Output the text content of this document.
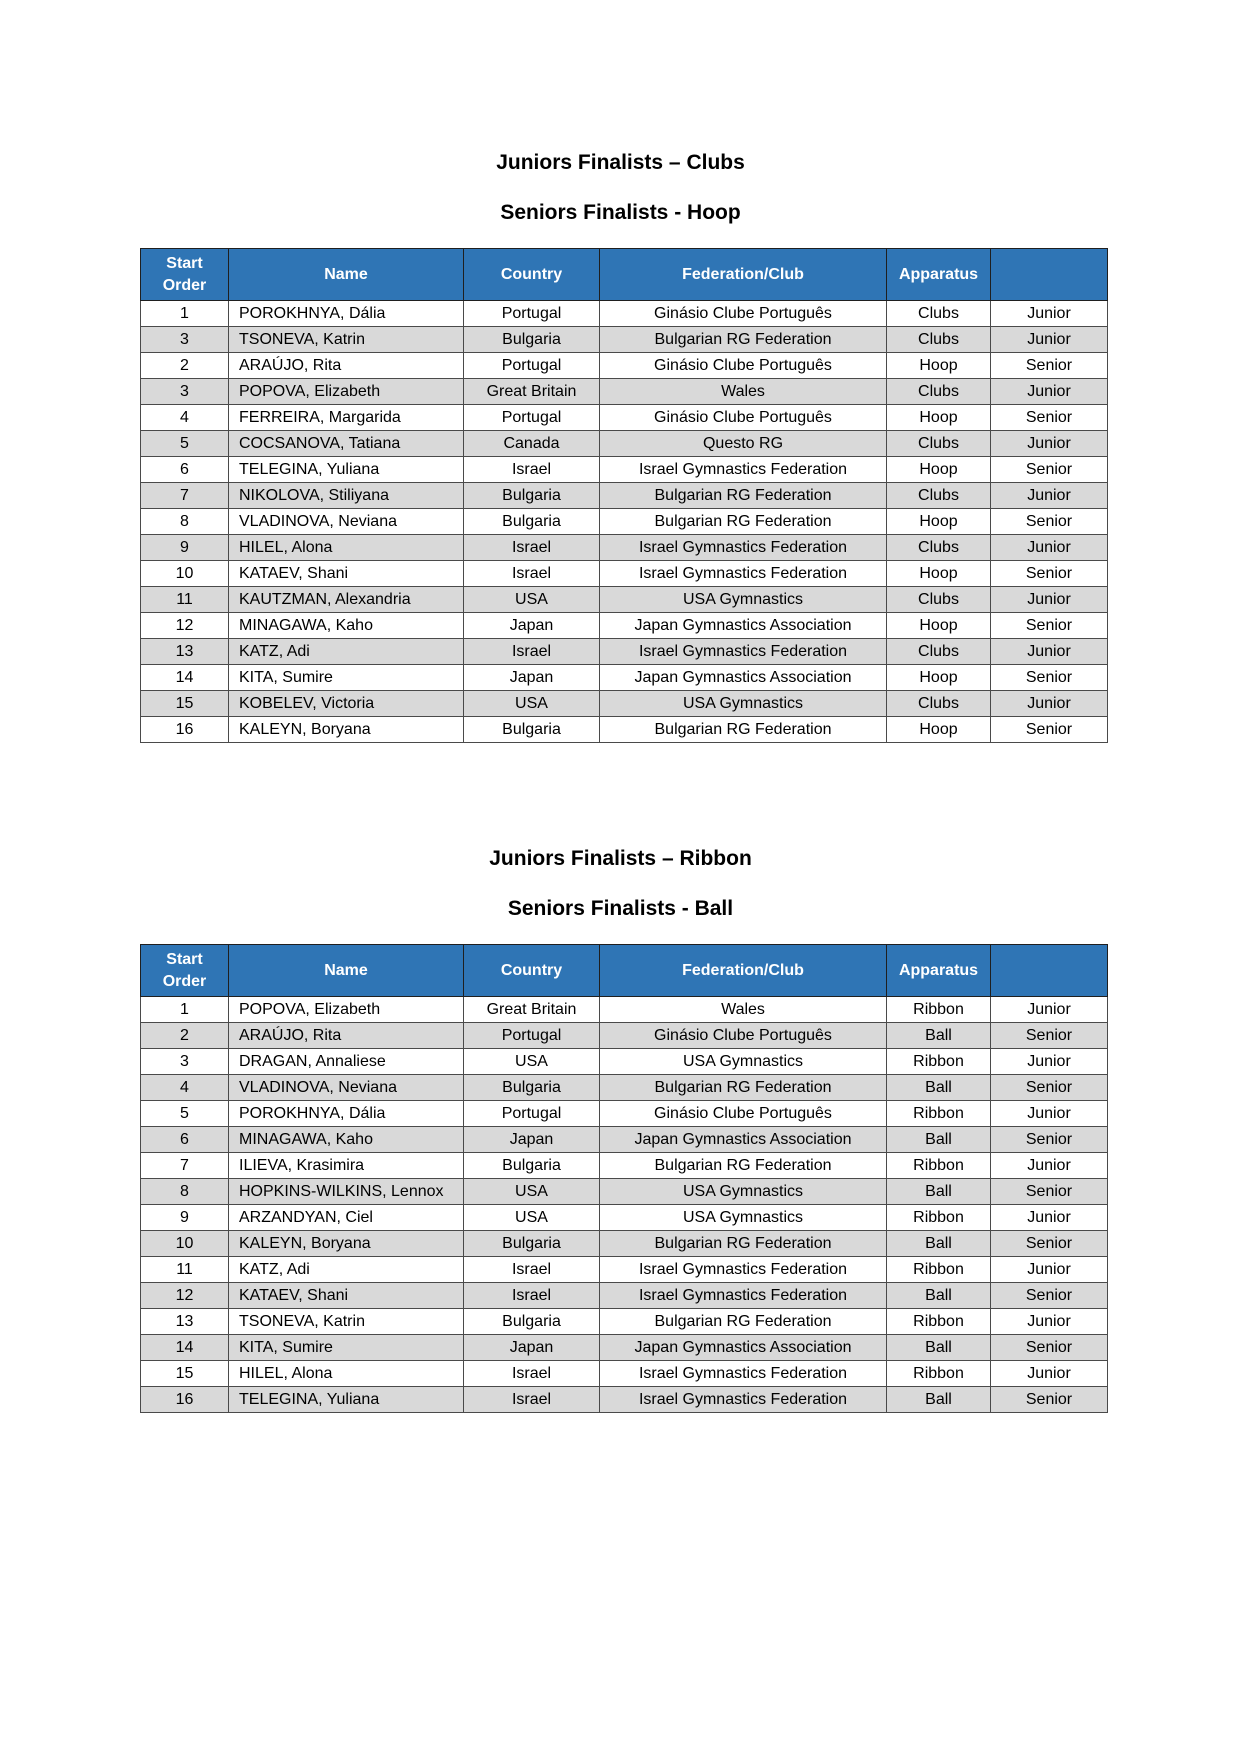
Juniors Finalists – Clubs
Seniors Finalists - Hoop
Start
Order	Name	Country	Federation/Club	Apparatus	
1	POROKHNYA, Dália	Portugal	Ginásio Clube Português	Clubs	Junior
3	TSONEVA, Katrin	Bulgaria	Bulgarian RG Federation	Clubs	Junior
2	ARAÚJO, Rita	Portugal	Ginásio Clube Português	Hoop	Senior
3	POPOVA, Elizabeth	Great Britain	Wales	Clubs	Junior
4	FERREIRA, Margarida	Portugal	Ginásio Clube Português	Hoop	Senior
5	COCSANOVA, Tatiana	Canada	Questo RG	Clubs	Junior
6	TELEGINA, Yuliana	Israel	Israel Gymnastics Federation	Hoop	Senior
7	NIKOLOVA, Stiliyana	Bulgaria	Bulgarian RG Federation	Clubs	Junior
8	VLADINOVA, Neviana	Bulgaria	Bulgarian RG Federation	Hoop	Senior
9	HILEL, Alona	Israel	Israel Gymnastics Federation	Clubs	Junior
10	KATAEV, Shani	Israel	Israel Gymnastics Federation	Hoop	Senior
11	KAUTZMAN, Alexandria	USA	USA Gymnastics	Clubs	Junior
12	MINAGAWA, Kaho	Japan	Japan Gymnastics Association	Hoop	Senior
13	KATZ, Adi	Israel	Israel Gymnastics Federation	Clubs	Junior
14	KITA, Sumire	Japan	Japan Gymnastics Association	Hoop	Senior
15	KOBELEV, Victoria	USA	USA Gymnastics	Clubs	Junior
16	KALEYN, Boryana	Bulgaria	Bulgarian RG Federation	Hoop	Senior
Juniors Finalists – Ribbon
Seniors Finalists - Ball
Start
Order	Name	Country	Federation/Club	Apparatus	
1	POPOVA, Elizabeth	Great Britain	Wales	Ribbon	Junior
2	ARAÚJO, Rita	Portugal	Ginásio Clube Português	Ball	Senior
3	DRAGAN, Annaliese	USA	USA Gymnastics	Ribbon	Junior
4	VLADINOVA, Neviana	Bulgaria	Bulgarian RG Federation	Ball	Senior
5	POROKHNYA, Dália	Portugal	Ginásio Clube Português	Ribbon	Junior
6	MINAGAWA, Kaho	Japan	Japan Gymnastics Association	Ball	Senior
7	ILIEVA, Krasimira	Bulgaria	Bulgarian RG Federation	Ribbon	Junior
8	HOPKINS-WILKINS, Lennox	USA	USA Gymnastics	Ball	Senior
9	ARZANDYAN, Ciel	USA	USA Gymnastics	Ribbon	Junior
10	KALEYN, Boryana	Bulgaria	Bulgarian RG Federation	Ball	Senior
11	KATZ, Adi	Israel	Israel Gymnastics Federation	Ribbon	Junior
12	KATAEV, Shani	Israel	Israel Gymnastics Federation	Ball	Senior
13	TSONEVA, Katrin	Bulgaria	Bulgarian RG Federation	Ribbon	Junior
14	KITA, Sumire	Japan	Japan Gymnastics Association	Ball	Senior
15	HILEL, Alona	Israel	Israel Gymnastics Federation	Ribbon	Junior
16	TELEGINA, Yuliana	Israel	Israel Gymnastics Federation	Ball	Senior
